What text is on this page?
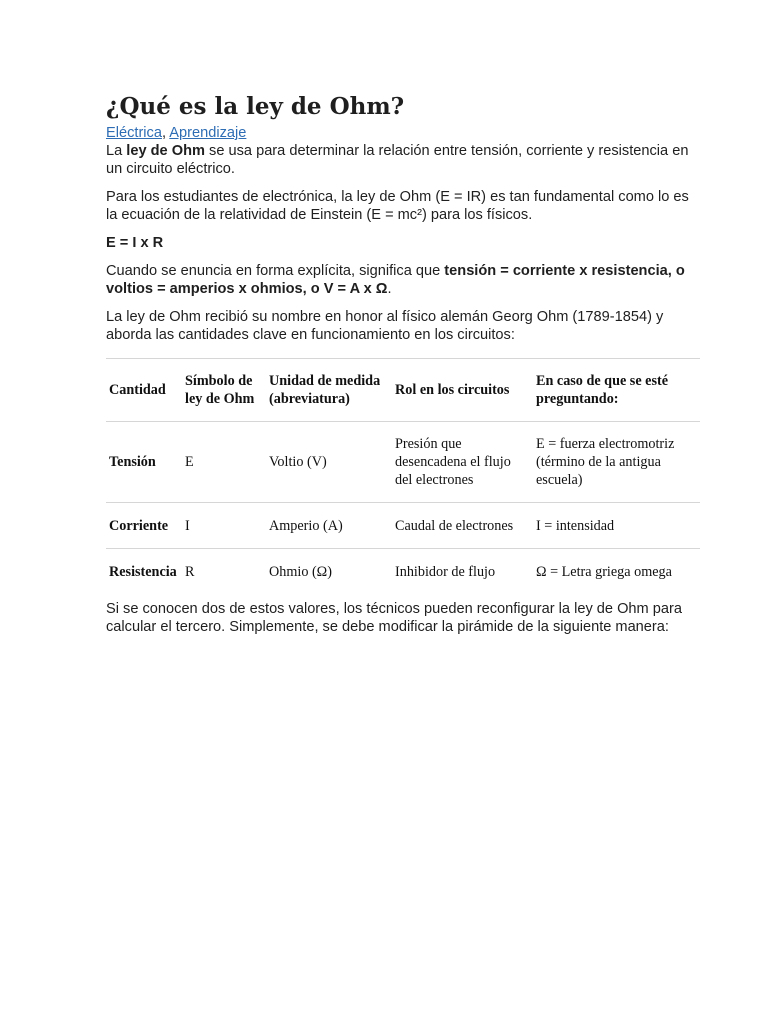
¿Qué es la ley de Ohm?
Eléctrica, Aprendizaje

La ley de Ohm se usa para determinar la relación entre tensión, corriente y resistencia en un circuito eléctrico.

Para los estudiantes de electrónica, la ley de Ohm (E = IR) es tan fundamental como lo es la ecuación de la relatividad de Einstein (E = mc²) para los físicos.

E = I x R

Cuando se enuncia en forma explícita, significa que tensión = corriente x resistencia, o voltios = amperios x ohmios, o V = A x Ω.

La ley de Ohm recibió su nombre en honor al físico alemán Georg Ohm (1789-1854) y aborda las cantidades clave en funcionamiento en los circuitos:

Cantidad	Símbolo de ley de Ohm	Unidad de medida (abreviatura)	Rol en los circuitos	En caso de que se esté preguntando:
Tensión	E	Voltio (V)	Presión que desencadena el flujo del electrones	E = fuerza electromotriz (término de la antigua escuela)
Corriente	I	Amperio (A)	Caudal de electrones	I = intensidad
Resistencia	R	Ohmio (Ω)	Inhibidor de flujo	Ω = Letra griega omega

Si se conocen dos de estos valores, los técnicos pueden reconfigurar la ley de Ohm para calcular el tercero. Simplemente, se debe modificar la pirámide de la siguiente manera:
